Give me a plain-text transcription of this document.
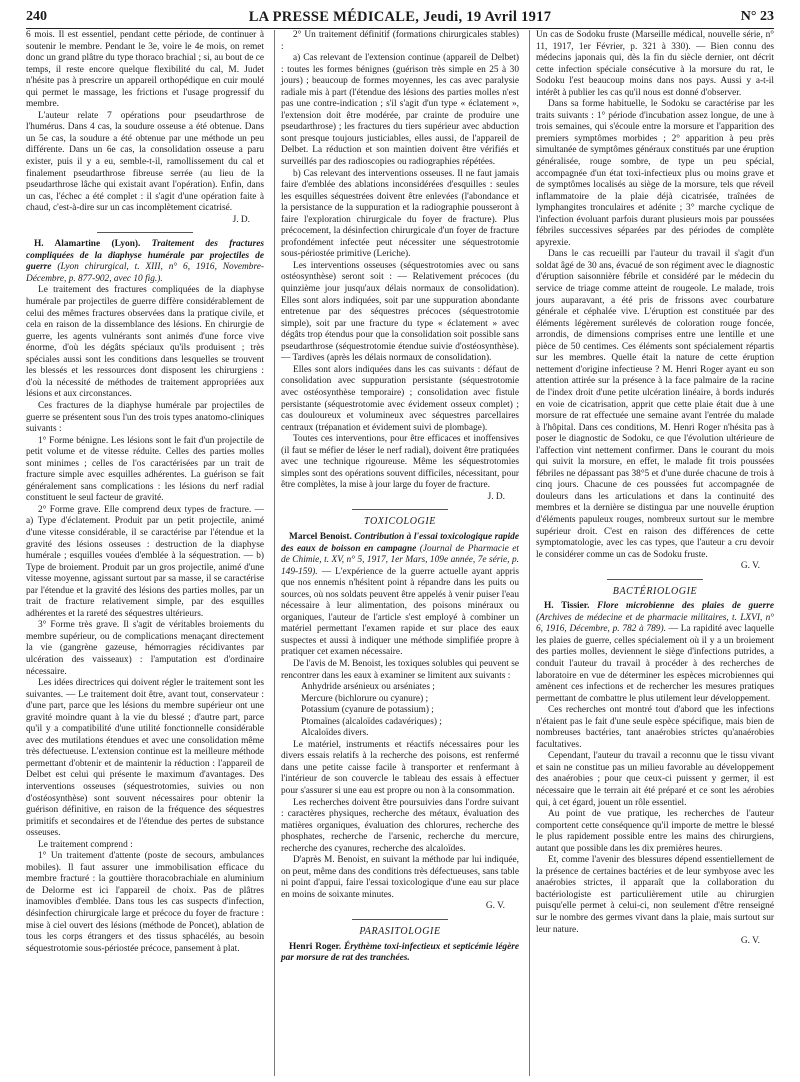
240	LA PRESSE MÉDICALE, Jeudi, 19 Avril 1917	N° 23

6 mois. Il est essentiel, pendant cette période, de continuer à soutenir le membre. Pendant le 3e, voire le 4e mois, on remet donc un grand plâtre du type thoraco brachial ; si, au bout de ce temps, il reste encore quelque flexibilité du cal, M. Judet n'hésite pas à prescrire un appareil orthopédique en cuir moulé qui permet le massage, les frictions et l'usage progressif du membre.

L'auteur relate 7 opérations pour pseudarthrose de l'humérus. Dans 4 cas, la soudure osseuse a été obtenue. Dans un 5e cas, la soudure a été obtenue par une méthode un peu différente. Dans un 6e cas, la consolidation osseuse a paru exister, puis il y a eu, semble-t-il, ramollissement du cal et finalement pseudarthrose fibreuse serrée (au lieu de la pseudarthrose lâche qui existait avant l'opération). Enfin, dans un cas, l'échec a été complet : il s'agit d'une opération faite à chaud, c'est-à-dire sur un cas incomplètement cicatrisé.

J. D.

H. Alamartine (Lyon). Traitement des fractures compliquées de la diaphyse humérale par projectiles de guerre (Lyon chirurgical, t. XIII, n° 6, 1916, Novembre-Décembre, p. 877-902, avec 10 fig.).

Le traitement des fractures compliquées de la diaphyse humérale par projectiles de guerre diffère considérablement de celui des mêmes fractures observées dans la pratique civile, et cela en raison de la dissemblance des lésions. En chirurgie de guerre, les agents vulnérants sont animés d'une force vive énorme, d'où les dégâts spéciaux qu'ils produisent ; très spéciales aussi sont les conditions dans lesquelles se trouvent les blessés et les ressources dont disposent les chirurgiens : d'où la nécessité de méthodes de traitement appropriées aux lésions et aux circonstances.

Ces fractures de la diaphyse humérale par projectiles de guerre se présentent sous l'un des trois types anatomo-cliniques suivants :

1° Forme bénigne. Les lésions sont le fait d'un projectile de petit volume et de vitesse réduite. Celles des parties molles sont minimes ; celles de l'os caractérisées par un trait de fracture simple avec esquilles adhérentes. La guérison se fait généralement sans complications : les lésions du nerf radial constituent le seul facteur de gravité.

2° Forme grave. Elle comprend deux types de fracture. — a) Type d'éclatement. Produit par un petit projectile, animé d'une vitesse considérable, il se caractérise par l'étendue et la gravité des lésions osseuses : destruction de la diaphyse humérale ; esquilles vouées d'emblée à la séquestration. — b) Type de broiement. Produit par un gros projectile, animé d'une vitesse moyenne, agissant surtout par sa masse, il se caractérise par l'étendue et la gravité des lésions des parties molles, par un trait de fracture relativement simple, par des esquilles adhérentes et la rareté des séquestres ultérieurs.

3° Forme très grave. Il s'agit de véritables broiements du membre supérieur, ou de complications menaçant directement la vie (gangrène gazeuse, hémorragies récidivantes par ulcération des vaisseaux) : l'amputation est d'ordinaire nécessaire.

Les idées directrices qui doivent régler le traitement sont les suivantes. — Le traitement doit être, avant tout, conservateur : d'une part, parce que les lésions du membre supérieur ont une gravité moindre quant à la vie du blessé ; d'autre part, parce qu'il y a compatibilité d'une utilité fonctionnelle considérable avec des mutilations étendues et avec une consolidation même très défectueuse. L'extension continue est la meilleure méthode permettant d'obtenir et de maintenir la réduction : l'appareil de Delbet est celui qui présente le maximum d'avantages. Des interventions osseuses (séquestrotomies, suivies ou non d'ostéosynthèse) sont souvent nécessaires pour obtenir la guérison définitive, en raison de la fréquence des séquestres primitifs et secondaires et de l'étendue des pertes de substance osseuses.

Le traitement comprend :

1° Un traitement d'attente (poste de secours, ambulances mobiles). Il faut assurer une immobilisation efficace du membre fracturé : la gouttière thoracobrachiale en aluminium de Delorme est ici l'appareil de choix. Pas de plâtres inamovibles d'emblée. Dans tous les cas suspects d'infection, désinfection chirurgicale large et précoce du foyer de fracture : mise à ciel ouvert des lésions (méthode de Poncet), ablation de tous les corps étrangers et des tissus sphacélés, au besoin séquestrotomie sous-périostée précoce, pansement à plat.

2° Un traitement définitif (formations chirurgicales stables) :

a) Cas relevant de l'extension continue (appareil de Delbet) : toutes les formes bénignes (guérison très simple en 25 à 30 jours) ; beaucoup de formes moyennes, les cas avec paralysie radiale mis à part (l'étendue des lésions des parties molles n'est pas une contre-indication ; s'il s'agit d'un type « éclatement », l'extension doit être modérée, par crainte de produire une pseudarthrose) ; les fractures du tiers supérieur avec abduction sont presque toujours justiciables, elles aussi, de l'appareil de Delbet. La réduction et son maintien doivent être vérifiés et surveillés par des radioscopies ou radiographies répétées.

b) Cas relevant des interventions osseuses. Il ne faut jamais faire d'emblée des ablations inconsidérées d'esquilles : seules les esquilles séquestrées doivent être enlevées (l'abondance et la persistance de la suppuration et la radiographie pousseront à faire l'exploration chirurgicale du foyer de fracture). Plus précocement, la désinfection chirurgicale d'un foyer de fracture profondément infectée peut nécessiter une séquestrotomie sous-périostée primitive (Leriche).

Les interventions osseuses (séquestrotomies avec ou sans ostéosynthèse) seront soit : — Relativement précoces (du quinzième jour jusqu'aux délais normaux de consolidation). Elles sont alors indiquées, soit par une suppuration abondante entretenue par des séquestres précoces (séquestrotomie simple), soit par une fracture du type « éclatement » avec dégâts trop étendus pour que la consolidation soit possible sans pseudarthrose (séquestrotomie étendue suivie d'ostéosynthèse). — Tardives (après les délais normaux de consolidation).

Elles sont alors indiquées dans les cas suivants : défaut de consolidation avec suppuration persistante (séquestrotomie avec ostéosynthèse temporaire) ; consolidation avec fistule persistante (séquestrotomie avec évidement osseux complet) ; cas douloureux et volumineux avec séquestres parcellaires centraux (trépanation et évidement suivi de plombage).

Toutes ces interventions, pour être efficaces et inoffensives (il faut se méfier de léser le nerf radial), doivent être pratiquées avec une technique rigoureuse. Même les séquestrotomies simples sont des opérations souvent difficiles, nécessitant, pour être complètes, la mise à jour large du foyer de fracture.

J. D.

TOXICOLOGIE

Marcel Benoist. Contribution à l'essai toxicologique rapide des eaux de boisson en campagne (Journal de Pharmacie et de Chimie, t. XV, n° 5, 1917, 1er Mars, 109e année, 7e série, p. 149-159). — L'expérience de la guerre actuelle ayant appris que nos ennemis n'hésitent point à répandre dans les puits ou sources, où nos soldats peuvent être appelés à venir puiser l'eau nécessaire à leur alimentation, des poisons minéraux ou organiques, l'auteur de l'article s'est employé à combiner un matériel permettant l'examen rapide et sur place des eaux suspectes et aussi à indiquer une méthode simplifiée propre à pratiquer cet examen nécessaire.

De l'avis de M. Benoist, les toxiques solubles qui peuvent se rencontrer dans les eaux à examiner se limitent aux suivants :

Anhydride arsénieux ou arséniates ;

Mercure (bichlorure ou cyanure) ;

Potassium (cyanure de potassium) ;

Ptomaïnes (alcaloïdes cadavériques) ;

Alcaloïdes divers.

Le matériel, instruments et réactifs nécessaires pour les divers essais relatifs à la recherche des poisons, est renfermé dans une petite caisse facile à transporter et renfermant à l'intérieur de son couvercle le tableau des essais à effectuer pour s'assurer si une eau est propre ou non à la consommation.

Les recherches doivent être poursuivies dans l'ordre suivant : caractères physiques, recherche des métaux, évaluation des matières organiques, évaluation des chlorures, recherche des phosphates, recherche de l'arsenic, recherche du mercure, recherche des cyanures, recherche des alcaloïdes.

D'après M. Benoist, en suivant la méthode par lui indiquée, on peut, même dans des conditions très défectueuses, sans table ni point d'appui, faire l'essai toxicologique d'une eau sur place en moins de soixante minutes.

G. V.

PARASITOLOGIE

Henri Roger. Érythème toxi-infectieux et septicémie légère par morsure de rat des tranchées.

Un cas de Sodoku fruste (Marseille médical, nouvelle série, n° 11, 1917, 1er Février, p. 321 à 330). — Bien connu des médecins japonais qui, dès la fin du siècle dernier, ont décrit cette infection spéciale consécutive à la morsure du rat, le Sodoku l'est beaucoup moins dans nos pays. Aussi y a-t-il intérêt à publier les cas qu'il nous est donné d'observer.

Dans sa forme habituelle, le Sodoku se caractérise par les traits suivants : 1° période d'incubation assez longue, de une à trois semaines, qui s'écoule entre la morsure et l'apparition des premiers symptômes morbides ; 2° apparition à peu près simultanée de symptômes généraux constitués par une éruption généralisée, rouge sombre, de type un peu spécial, accompagnée d'un état toxi-infectieux plus ou moins grave et de symptômes localisés au siège de la morsure, tels que réveil inflammatoire de la plaie déjà cicatrisée, traînées de lymphangites tronculaires et adénite ; 3° marche cyclique de l'infection évoluant parfois durant plusieurs mois par poussées fébriles successives séparées par des périodes de complète apyrexie.

Dans le cas recueilli par l'auteur du travail il s'agit d'un soldat âgé de 30 ans, évacué de son régiment avec le diagnostic d'éruption saisonnière fébrile et considéré par le médecin du service de triage comme atteint de rougeole. Le malade, trois jours auparavant, a été pris de frissons avec courbature générale et céphalée vive. L'éruption est constituée par des éléments légèrement surélevés de coloration rouge foncée, arrondis, de dimensions comprises entre une lentille et une pièce de 50 centimes. Ces éléments sont spécialement répartis sur les membres. Quelle était la nature de cette éruption nettement d'origine infectieuse ? M. Henri Roger ayant eu son attention attirée sur la présence à la face palmaire de la racine de l'index droit d'une petite ulcération linéaire, à bords indurés en voie de cicatrisation, apprit que cette plaie était due à une morsure de rat effectuée une semaine avant l'entrée du malade à l'hôpital. Dans ces conditions, M. Henri Roger n'hésita pas à poser le diagnostic de Sodoku, ce que l'évolution ultérieure de l'affection vint nettement confirmer. Dans le courant du mois qui suivit la morsure, en effet, le malade fit trois poussées fébriles ne dépassant pas 38°5 et d'une durée chacune de trois à cinq jours. Chacune de ces poussées fut accompagnée de douleurs dans les articulations et dans la continuité des membres et la dernière se distingua par une nouvelle éruption d'éléments papuleux rouges, nombreux surtout sur le membre supérieur droit. C'est en raison des différences de cette symptomatologie, avec les cas types, que l'auteur a cru devoir le considérer comme un cas de Sodoku fruste.

G. V.

BACTÉRIOLOGIE

H. Tissier. Flore microbienne des plaies de guerre (Archives de médecine et de pharmacie militaires, t. LXVI, n° 6, 1916, Décembre, p. 782 à 789). — La rapidité avec laquelle les plaies de guerre, celles spécialement où il y a un broiement des parties molles, deviennent le siège d'infections putrides, a conduit l'auteur du travail à procéder à des recherches de laboratoire en vue de déterminer les espèces microbiennes qui amènent ces infections et de rechercher les mesures pratiques permettant de combattre le plus utilement leur développement.

Ces recherches ont montré tout d'abord que les infections n'étaient pas le fait d'une seule espèce spécifique, mais bien de nombreuses bactéries, tant anaérobies strictes qu'anaérobies facultatives.

Cependant, l'auteur du travail a reconnu que le tissu vivant et sain ne constitue pas un milieu favorable au développement des anaérobies ; pour que ceux-ci puissent y germer, il est nécessaire que le terrain ait été préparé et ce sont les aérobies qui, à cet égard, jouent un rôle essentiel.

Au point de vue pratique, les recherches de l'auteur comportent cette conséquence qu'il importe de mettre le blessé le plus rapidement possible entre les mains des chirurgiens, autant que possible dans les dix premières heures.

Et, comme l'avenir des blessures dépend essentiellement de la présence de certaines bactéries et de leur symbyose avec les anaérobies strictes, il apparaît que la collaboration du bactériologiste est particulièrement utile au chirurgien puisqu'elle permet à celui-ci, non seulement d'être renseigné sur le nombre des germes vivant dans la plaie, mais surtout sur leur nature.

G. V.
